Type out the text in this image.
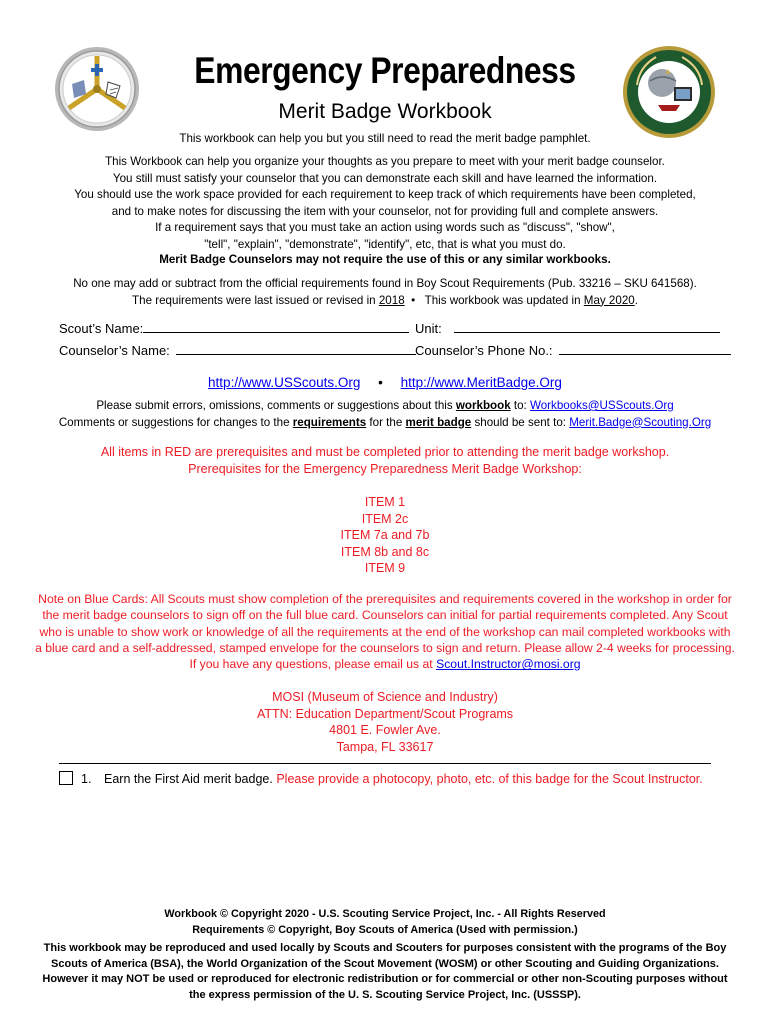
Emergency Preparedness
Merit Badge Workbook
This workbook can help you but you still need to read the merit badge pamphlet.
This Workbook can help you organize your thoughts as you prepare to meet with your merit badge counselor.
You still must satisfy your counselor that you can demonstrate each skill and have learned the information.
You should use the work space provided for each requirement to keep track of which requirements have been completed,
and to make notes for discussing the item with your counselor, not for providing full and complete answers.
If a requirement says that you must take an action using words such as "discuss", "show",
"tell", "explain", "demonstrate", "identify", etc, that is what you must do.
Merit Badge Counselors may not require the use of this or any similar workbooks.
No one may add or subtract from the official requirements found in Boy Scout Requirements (Pub. 33216 – SKU 641568).
The requirements were last issued or revised in 2018  •   This workbook was updated in May 2020.
Scout’s Name:	Unit:
Counselor’s Name:	Counselor’s Phone No.:
http://www.USScouts.Org • http://www.MeritBadge.Org
Please submit errors, omissions, comments or suggestions about this workbook to: Workbooks@USScouts.Org
Comments or suggestions for changes to the requirements for the merit badge should be sent to: Merit.Badge@Scouting.Org
All items in RED are prerequisites and must be completed prior to attending the merit badge workshop.
Prerequisites for the Emergency Preparedness Merit Badge Workshop:
ITEM 1
ITEM 2c
ITEM 7a and 7b
ITEM 8b and 8c
ITEM 9
Note on Blue Cards: All Scouts must show completion of the prerequisites and requirements covered in the workshop in order for
the merit badge counselors to sign off on the full blue card. Counselors can initial for partial requirements completed. Any Scout
who is unable to show work or knowledge of all the requirements at the end of the workshop can mail completed workbooks with
a blue card and a self-addressed, stamped envelope for the counselors to sign and return. Please allow 2-4 weeks for processing.
If you have any questions, please email us at Scout.Instructor@mosi.org
MOSI (Museum of Science and Industry)
ATTN: Education Department/Scout Programs
4801 E. Fowler Ave.
Tampa, FL 33617
1. Earn the First Aid merit badge. Please provide a photocopy, photo, etc. of this badge for the Scout Instructor.
Workbook © Copyright 2020 - U.S. Scouting Service Project, Inc. - All Rights Reserved
Requirements © Copyright, Boy Scouts of America (Used with permission.)
This workbook may be reproduced and used locally by Scouts and Scouters for purposes consistent with the programs of the Boy
Scouts of America (BSA), the World Organization of the Scout Movement (WOSM) or other Scouting and Guiding Organizations.
However it may NOT be used or reproduced for electronic redistribution or for commercial or other non-Scouting purposes without
the express permission of the U. S. Scouting Service Project, Inc. (USSSP).
